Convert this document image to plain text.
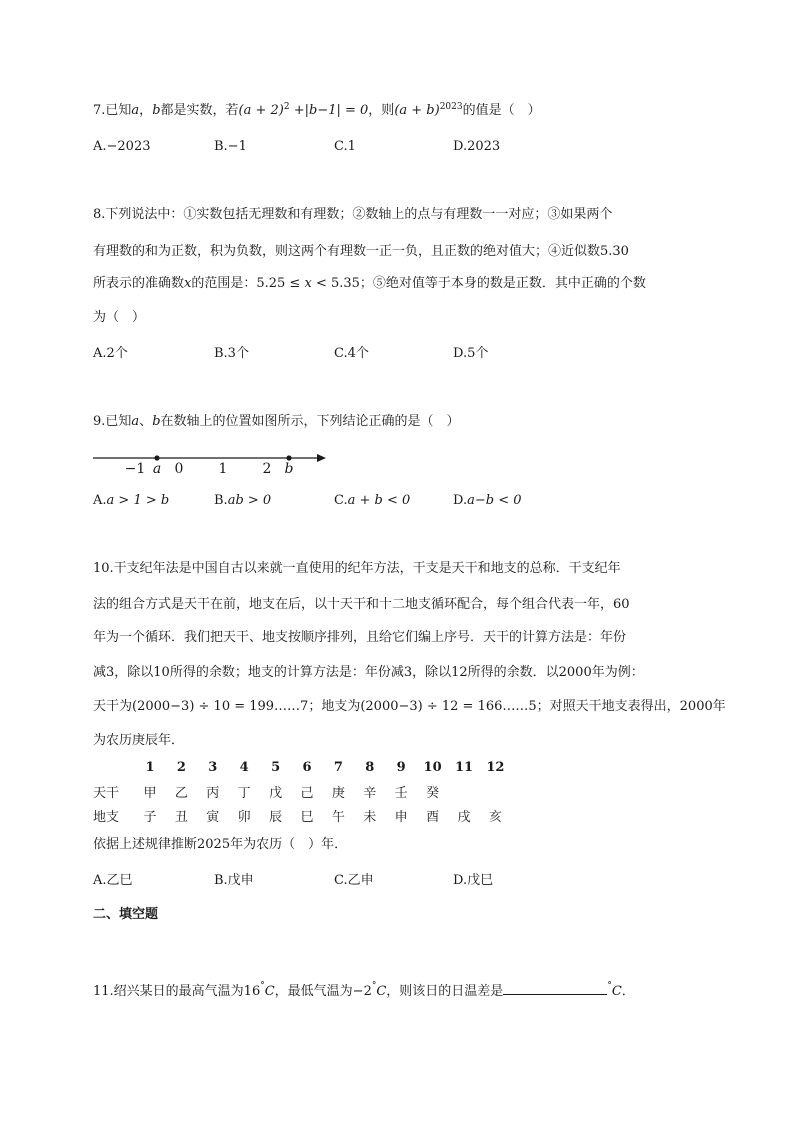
7.已知a，b都是实数，若$(a + 2)^2 +|b-1| = 0$，则$(a + b)^{2023}$的值是（　）
A.−2023	B.−1	C.1	D.2023
8.下列说法中：①实数包括无理数和有理数；②数轴上的点与有理数一一对应；③如果两个
有理数的和为正数，积为负数，则这两个有理数一正一负，且正数的绝对值大；④近似数5.30
所表示的准确数x的范围是：5.25 ≤ x < 5.35；⑤绝对值等于本身的数是正数．其中正确的个数
为（　）
A.2个	B.3个	C.4个	D.5个
9.已知a、b在数轴上的位置如图所示，下列结论正确的是（　）
−1 a 0	1	2 b
A.a > 1 > b	B.ab > 0	C.a + b < 0	D.a−b < 0
10.干支纪年法是中国自古以来就一直使用的纪年方法，干支是天干和地支的总称．干支纪年
法的组合方式是天干在前，地支在后，以十天干和十二地支循环配合，每个组合代表一年，60
年为一个循环．我们把天干、地支按顺序排列，且给它们编上序号．天干的计算方法是：年份
减3，除以10所得的余数；地支的计算方法是：年份减3，除以12所得的余数．以2000年为例：
天干为(2000−3) ÷ 10 = 199……7；地支为(2000−3) ÷ 12 = 166……5；对照天干地支表得出，2000年
为农历庚辰年．
1	2	3	4	5	6	7	8	9	10	11	12
天干	甲	乙	丙	丁	戊	己	庚	辛	壬	癸
地支	子	丑	寅	卯	辰	巳	午	未	申	酉	戌	亥
依据上述规律推断2025年为农历（　）年．
A.乙巳	B.戊申	C.乙申	D.戊巳
二、填空题
11.绍兴某日的最高气温为16°C，最低气温为−2°C，则该日的日温差是	°C．
